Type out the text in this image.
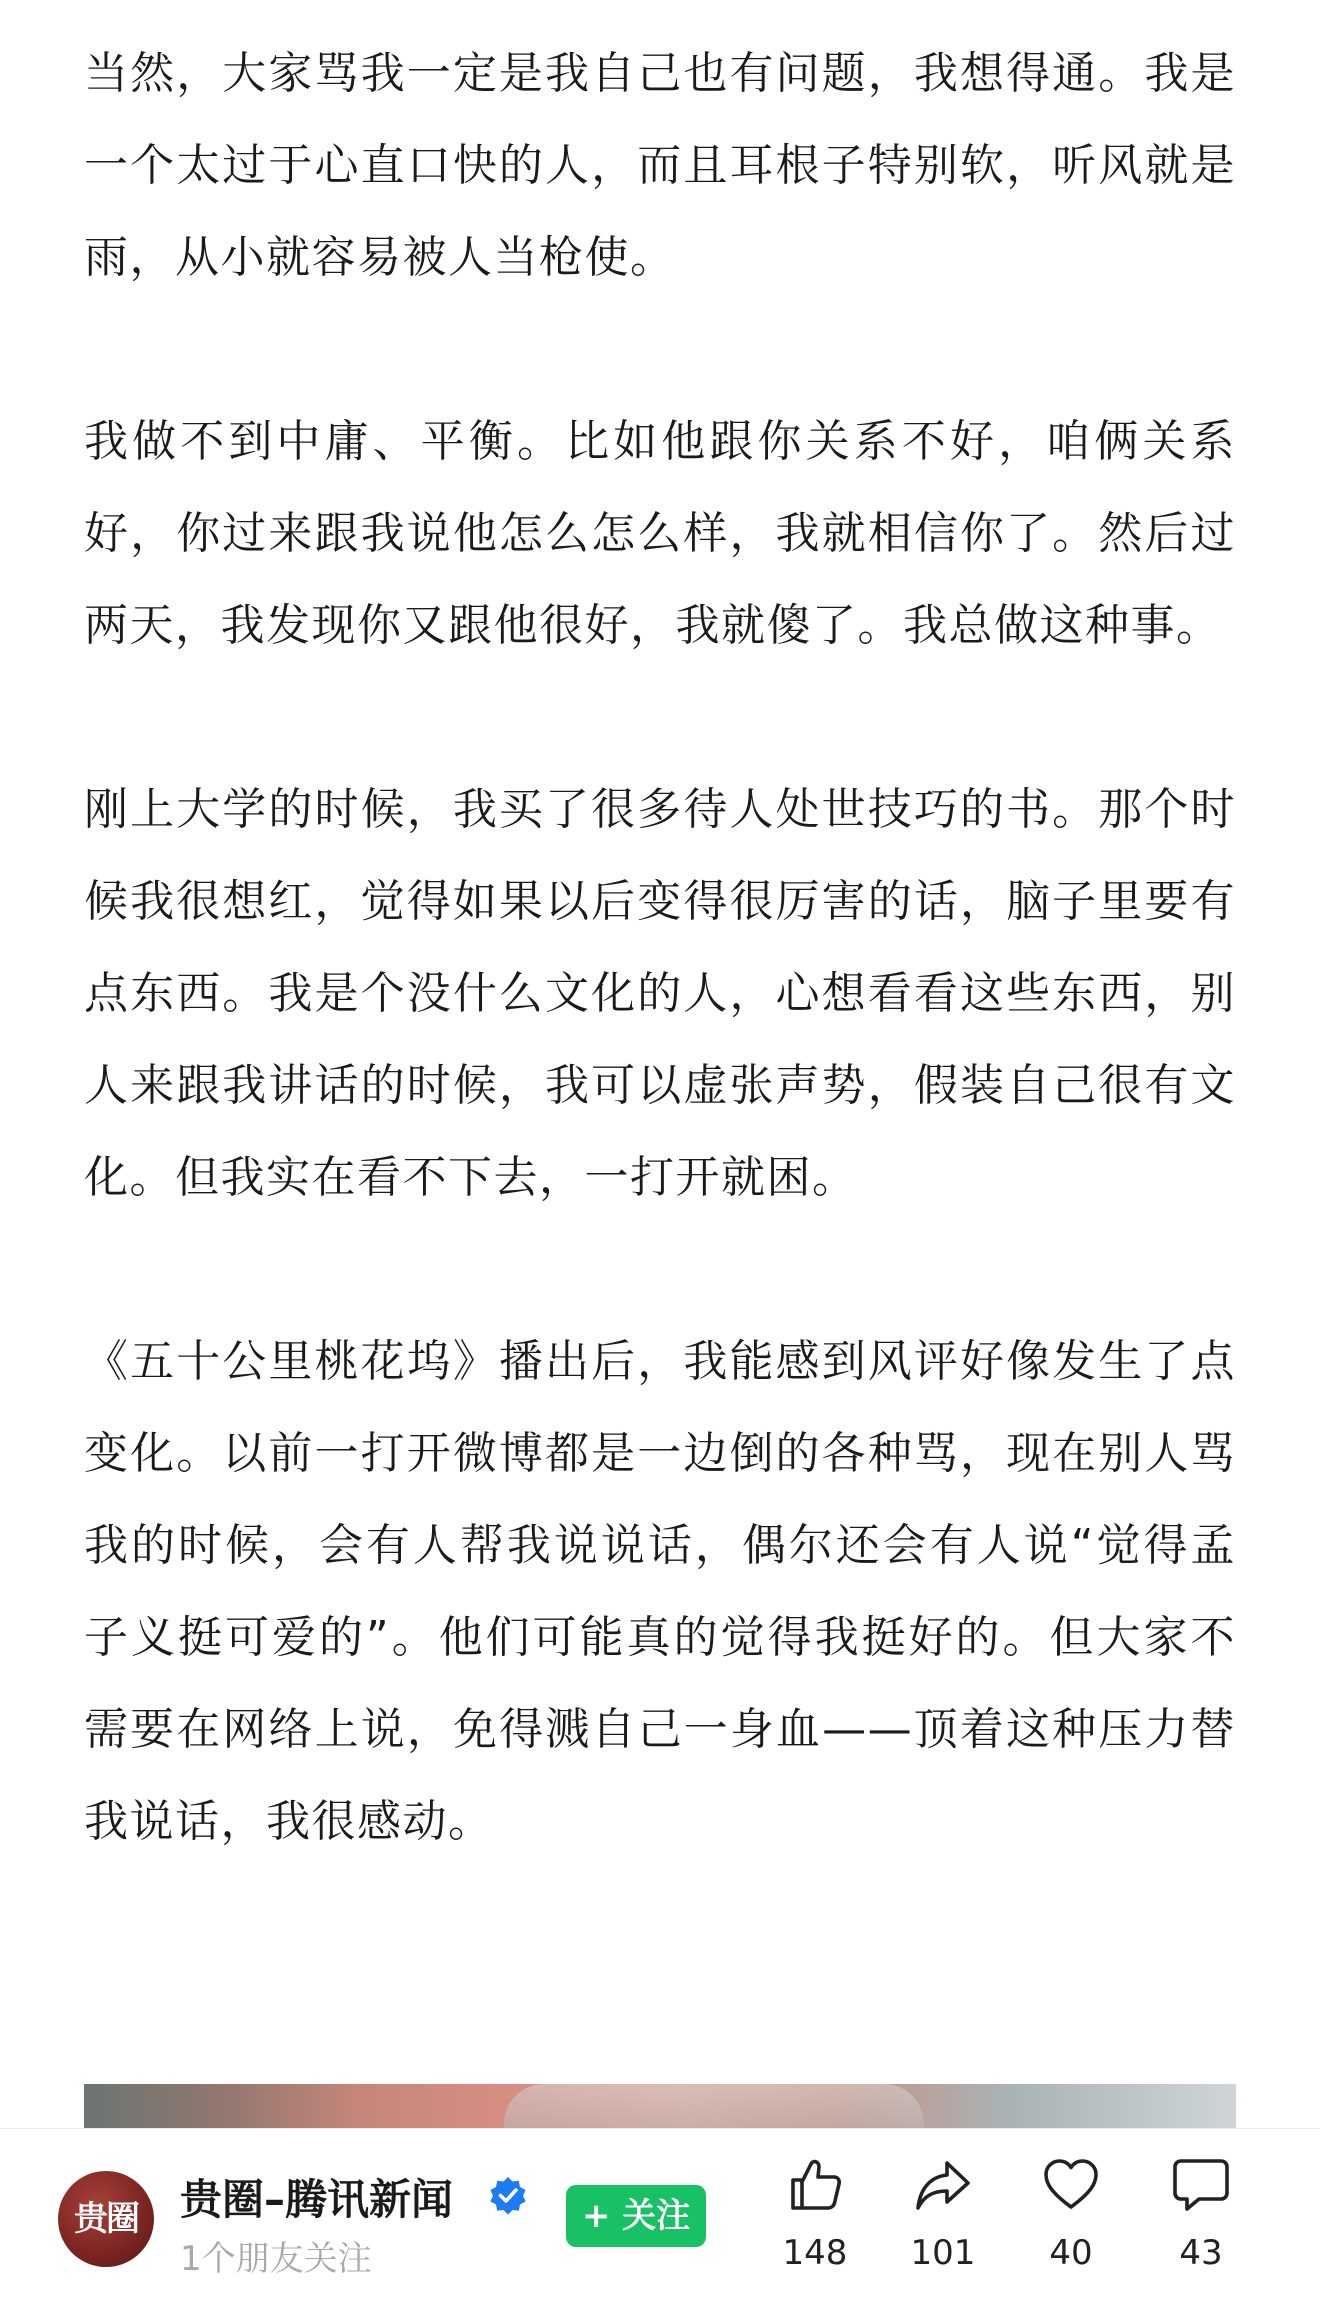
当然，大家骂我一定是我自己也有问题，我想得通。我是一个太过于心直口快的人，而且耳根子特别软，听风就是雨，从小就容易被人当枪使。

我做不到中庸、平衡。比如他跟你关系不好，咱俩关系好，你过来跟我说他怎么怎么样，我就相信你了。然后过两天，我发现你又跟他很好，我就傻了。我总做这种事。

刚上大学的时候，我买了很多待人处世技巧的书。那个时候我很想红，觉得如果以后变得很厉害的话，脑子里要有点东西。我是个没什么文化的人，心想看看这些东西，别人来跟我讲话的时候，我可以虚张声势，假装自己很有文化。但我实在看不下去，一打开就困。

《五十公里桃花坞》播出后，我能感到风评好像发生了点变化。以前一打开微博都是一边倒的各种骂，现在别人骂我的时候，会有人帮我说说话，偶尔还会有人说“觉得孟子义挺可爱的”。他们可能真的觉得我挺好的。但大家不需要在网络上说，免得溅自己一身血——顶着这种压力替我说话，我很感动。

贵圈	贵圈–腾讯新闻
1个朋友关注
+ 关注
148	101	40	43
